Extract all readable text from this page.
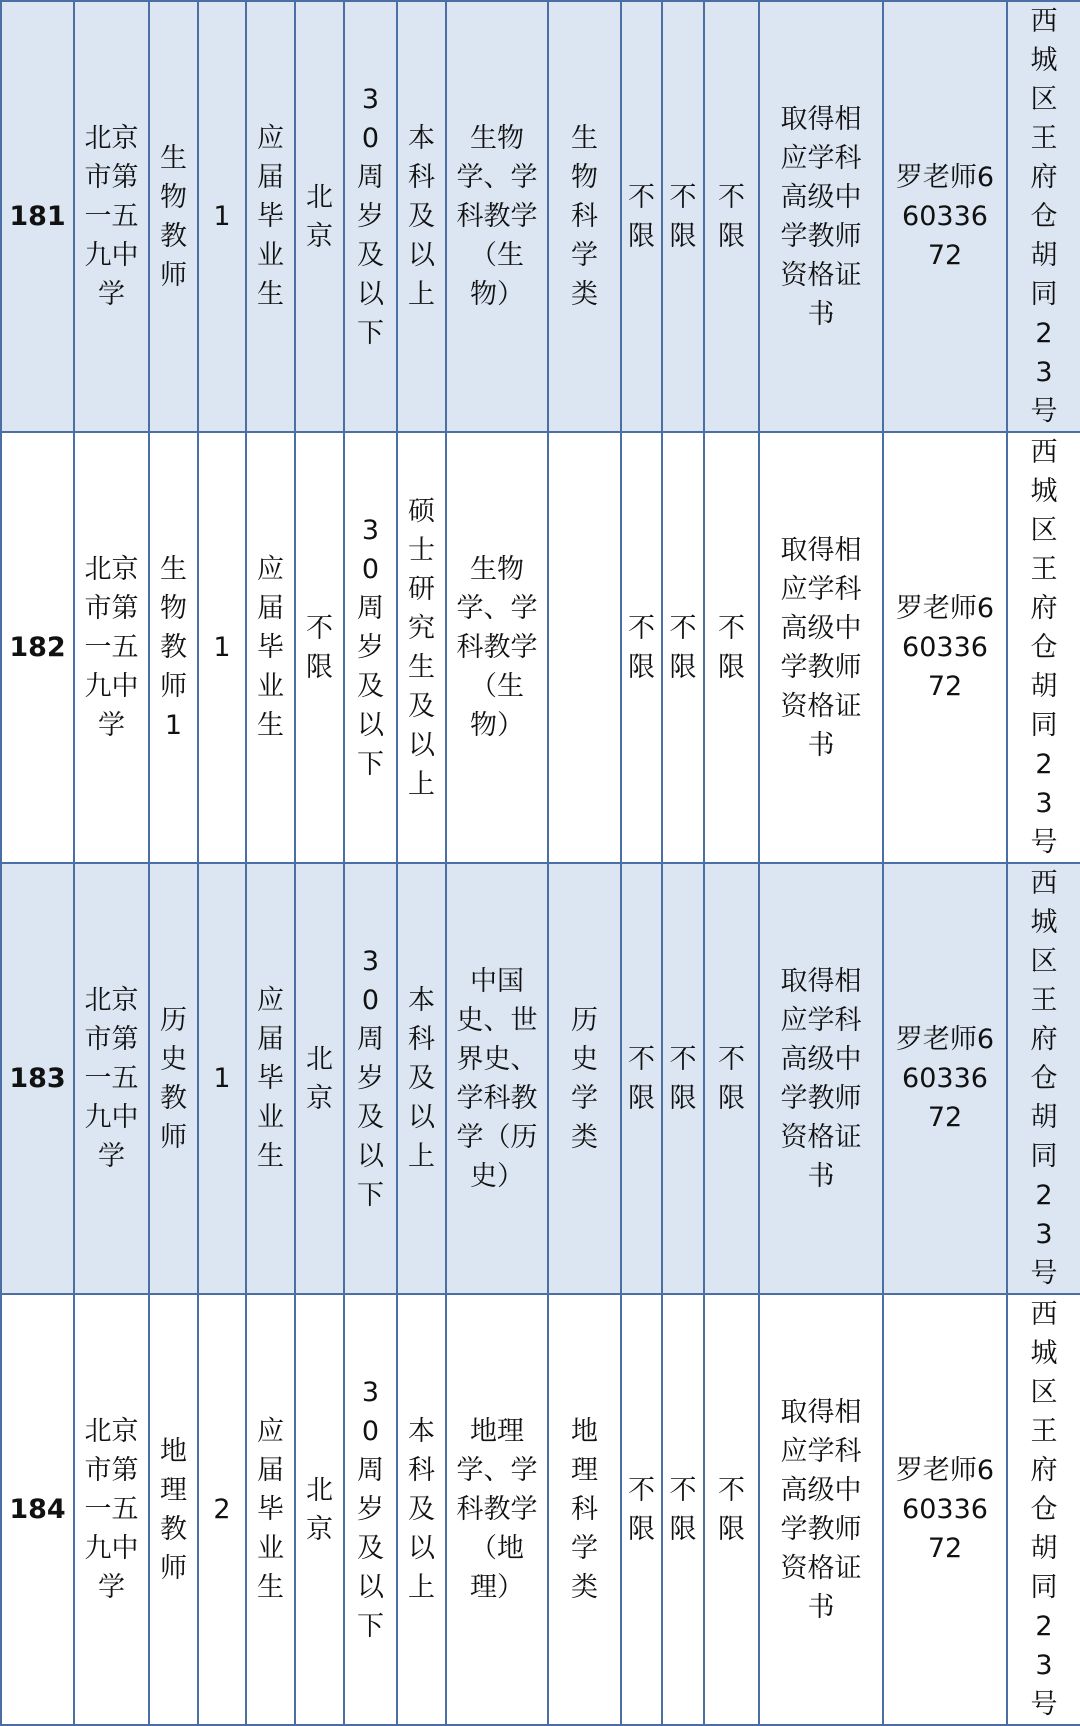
181	北京市第一五九中学	生物教师	1	应届毕业生	北京	30周岁及以下	本科及以上	生物学、学科教学（生物）	生物科学类	不限	不限	不限	取得相应学科高级中学教师资格证书	罗老师66033672	西城区王府仓胡同23号
182	北京市第一五九中学	生物教师1	1	应届毕业生	不限	30周岁及以下	硕士研究生及以上	生物学、学科教学（生物）		不限	不限	不限	取得相应学科高级中学教师资格证书	罗老师66033672	西城区王府仓胡同23号
183	北京市第一五九中学	历史教师	1	应届毕业生	北京	30周岁及以下	本科及以上	中国史、世界史、学科教学（历史）	历史学类	不限	不限	不限	取得相应学科高级中学教师资格证书	罗老师66033672	西城区王府仓胡同23号
184	北京市第一五九中学	地理教师	2	应届毕业生	北京	30周岁及以下	本科及以上	地理学、学科教学（地理）	地理科学类	不限	不限	不限	取得相应学科高级中学教师资格证书	罗老师66033672	西城区王府仓胡同23号
